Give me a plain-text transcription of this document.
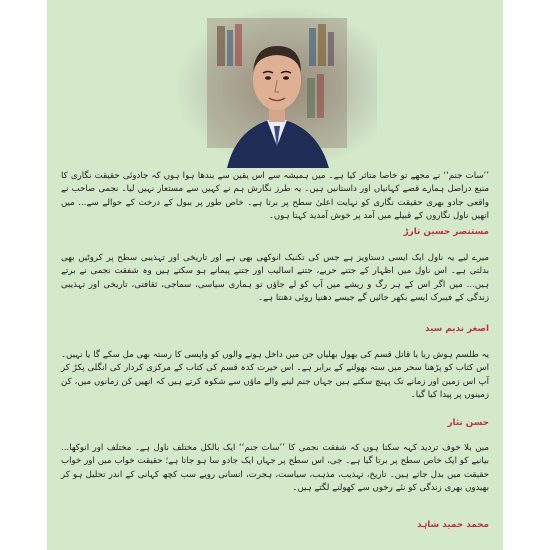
’’سات جنم‘‘ نے مجھے تو خاصا متاثر کیا ہے۔ میں ہمیشہ سے اس یقین سے بندھا ہوا ہوں کہ جادوئی حقیقت نگاری کا منبع دراصل ہمارے قصے کہانیاں اور داستانیں ہیں۔ یہ طرز نگارش ہم نے کہیں سے مستعار نہیں لیا۔ نجمی صاحب نے واقعی جادو بھری حقیقت نگاری کو نہایت اعلیٰ سطح پر برتا ہے۔ خاص طور پر ببول کے درخت کے حوالے سے... میں انھیں ناول نگاروں کے قبیلے میں آمد پر خوش آمدید کہتا ہوں۔

مستنصر حسین تارڑ

میرے لیے یہ ناول ایک ایسی دستاویز ہے جس کی تکنیک انوکھی بھی ہے اور تاریخی اور تہذیبی سطح پر کروٹیں بھی بدلتی ہے۔ اس ناول میں اظہار کے جتنے حربے، جتنے اسالیب اور جتنے پیمانے ہو سکتے ہیں وہ شفقت نجمی نے برتے ہیں... میں اگر اس کے ہر رگ و ریشے میں آپ کو لے جاؤں تو ہماری سیاسی، سماجی، ثقافتی، تاریخی اور تہذیبی زندگی کے فیبرک ایسے بکھر جائیں گے جیسے دھنیا روئی دھنتا ہے۔

اصغر ندیم سید

یہ طلسم ہوش ربا یا قاتل قسم کی بھول بھلیاں جن میں داخل ہونے والوں کو واپسی کا رستہ بھی مل سکے گا یا نہیں۔ اس کتاب کو پڑھنا سحر میں ستہ بھولنے کے برابر ہے۔ اس حیرت کدہ قسم کی کتاب کے مرکزی کردار کی انگلی پکڑ کر آپ اس زمین اور زمانے تک پہنچ سکتے ہیں جہاں جنم لینے والے ماؤں سے شکوہ کرتے ہیں کہ انھیں کن زمانوں میں، کن زمینوں پر پیدا کیا گیا۔

حسن نثار

میں بلا خوف تردید کہہ سکتا ہوں کہ شفقت نجمی کا ’’سات جنم‘‘ ایک بالکل مختلف ناول ہے۔ مختلف اور انوکھا... بیانیے کو ایک خاص سطح پر برتا گیا ہے۔ جی، اس سطح پر جہاں ایک جادو سا ہو جاتا ہے؛ حقیقت خواب میں اور خواب حقیقت میں بدل جاتے ہیں۔ تاریخ، تہذیب، مذہب، سیاست، ہجرت، انسانی رویے سب کچھ کہانی کے اندر تحلیل ہو کر بھیدوں بھری زندگی کو نئے رخوں سے کھولنے لگتے ہیں۔

محمد حمید شاہد
